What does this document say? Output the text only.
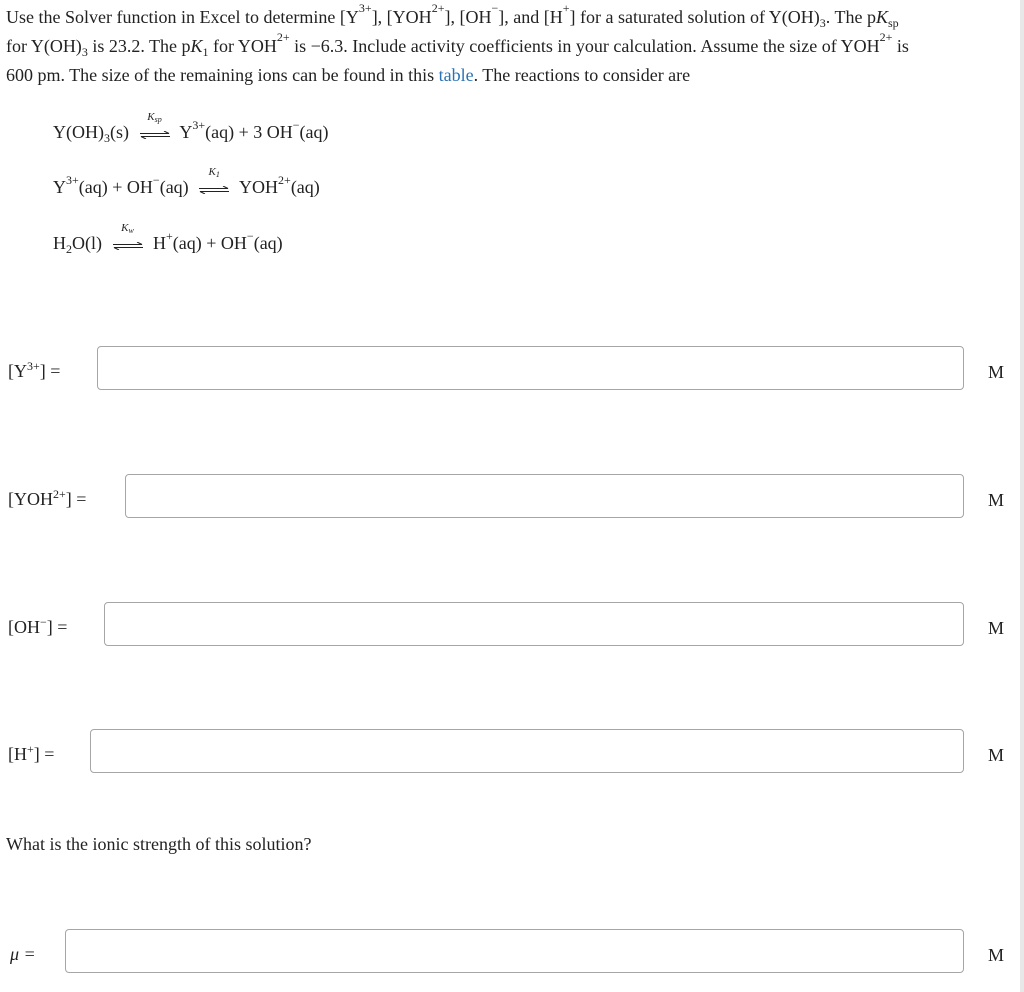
Use the Solver function in Excel to determine $[Y^{3+}]$, $[YOH^{2+}]$, [OH−], and [H+] for a saturated solution of $Y(OH)_3$. The $pK_{sp}$
for $Y(OH)_3$ is 23.2. The $pK_1$ for $YOH^{2+}$ is −6.3. Include activity coefficients in your calculation. Assume the size of $YOH^{2+}$ is
600 pm. The size of the remaining ions can be found in this table. The reactions to consider are

$Y(OH)_3(s)$
$K_{sp}$
$Y^{3+}(aq) + 3$ OH−(aq)
$Y^{3+}(aq) + OH^-(aq)$
$K_1$
$YOH^{2+}(aq)$
$H_2O(l)$
$K_w$
H+(aq) + OH−(aq)
$[Y^{3+}]$ =	M
$[YOH^{2+}]$ =	M
[OH−] =	M
[H+] =	M
What is the ionic strength of this solution?
μ =	M
